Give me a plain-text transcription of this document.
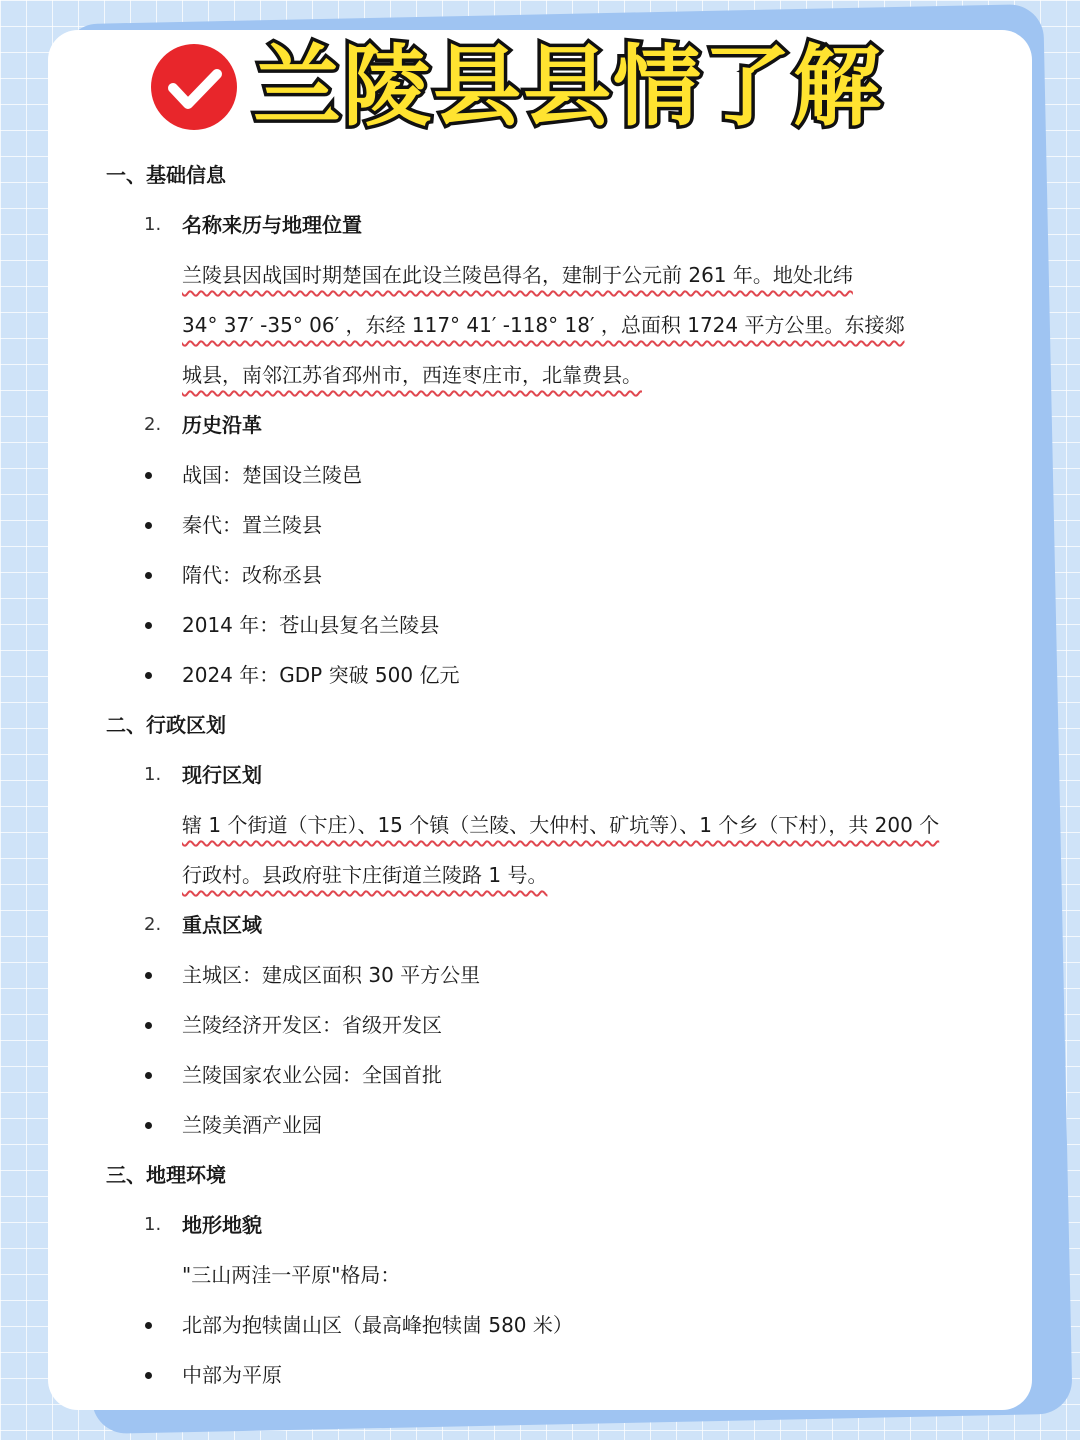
兰陵县县情了解
一、基础信息
1. 名称来历与地理位置
兰陵县因战国时期楚国在此设兰陵邑得名，建制于公元前 261 年。地处北纬
34° 37′ -35° 06′ ，东经 117° 41′ -118° 18′ ，总面积 1724 平方公里。东接郯
城县，南邻江苏省邳州市，西连枣庄市，北靠费县。
2. 历史沿革
战国：楚国设兰陵邑
秦代：置兰陵县
隋代：改称丞县
2014 年：苍山县复名兰陵县
2024 年：GDP 突破 500 亿元
二、行政区划
1. 现行区划
辖 1 个街道（卞庄）、15 个镇（兰陵、大仲村、矿坑等）、1 个乡（下村），共 200 个
行政村。县政府驻卞庄街道兰陵路 1 号。
2. 重点区域
主城区：建成区面积 30 平方公里
兰陵经济开发区：省级开发区
兰陵国家农业公园：全国首批
兰陵美酒产业园
三、地理环境
1. 地形地貌
"三山两洼一平原"格局：
北部为抱犊崮山区（最高峰抱犊崮 580 米）
中部为平原
